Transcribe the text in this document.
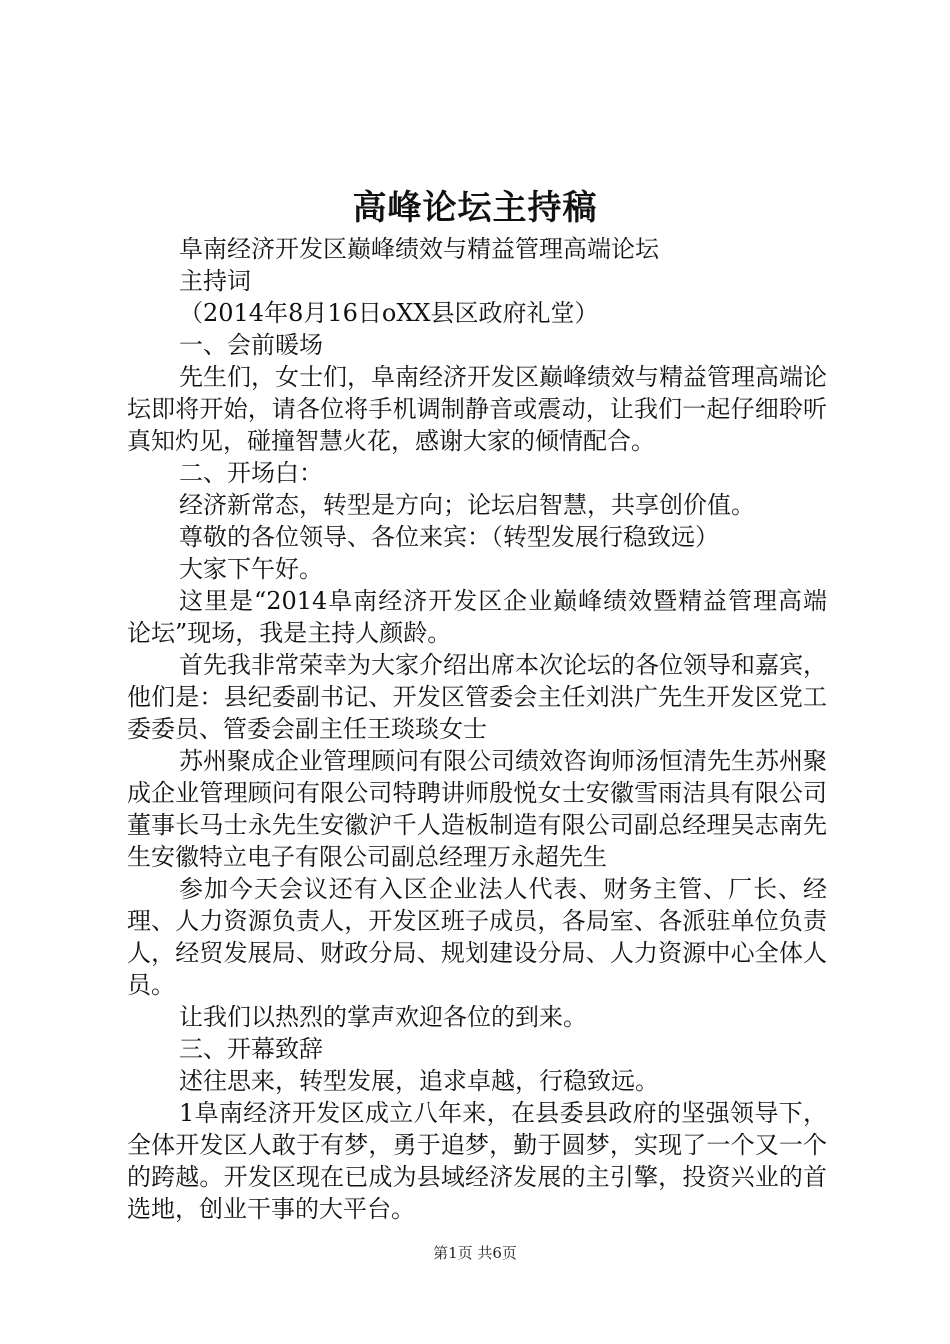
高峰论坛主持稿

阜南经济开发区巅峰绩效与精益管理高端论坛

主持词

（2014年8月16日oXX县区政府礼堂）

一、会前暖场

先生们，女士们，阜南经济开发区巅峰绩效与精益管理高端论坛即将开始，请各位将手机调制静音或震动，让我们一起仔细聆听真知灼见，碰撞智慧火花，感谢大家的倾情配合。

二、开场白：

经济新常态，转型是方向；论坛启智慧，共享创价值。

尊敬的各位领导、各位来宾：（转型发展行稳致远）

大家下午好。

这里是“2014阜南经济开发区企业巅峰绩效暨精益管理高端论坛”现场，我是主持人颜龄。

首先我非常荣幸为大家介绍出席本次论坛的各位领导和嘉宾，他们是：县纪委副书记、开发区管委会主任刘洪广先生开发区党工委委员、管委会副主任王琰琰女士

苏州聚成企业管理顾问有限公司绩效咨询师汤恒清先生苏州聚成企业管理顾问有限公司特聘讲师殷悦女士安徽雪雨洁具有限公司董事长马士永先生安徽沪千人造板制造有限公司副总经理吴志南先生安徽特立电子有限公司副总经理万永超先生

参加今天会议还有入区企业法人代表、财务主管、厂长、经理、人力资源负责人，开发区班子成员，各局室、各派驻单位负责人，经贸发展局、财政分局、规划建设分局、人力资源中心全体人员。

让我们以热烈的掌声欢迎各位的到来。

三、开幕致辞

述往思来，转型发展，追求卓越，行稳致远。

1阜南经济开发区成立八年来，在县委县政府的坚强领导下，全体开发区人敢于有梦，勇于追梦，勤于圆梦，实现了一个又一个的跨越。开发区现在已成为县域经济发展的主引擎，投资兴业的首选地，创业干事的大平台。

第1页 共6页
